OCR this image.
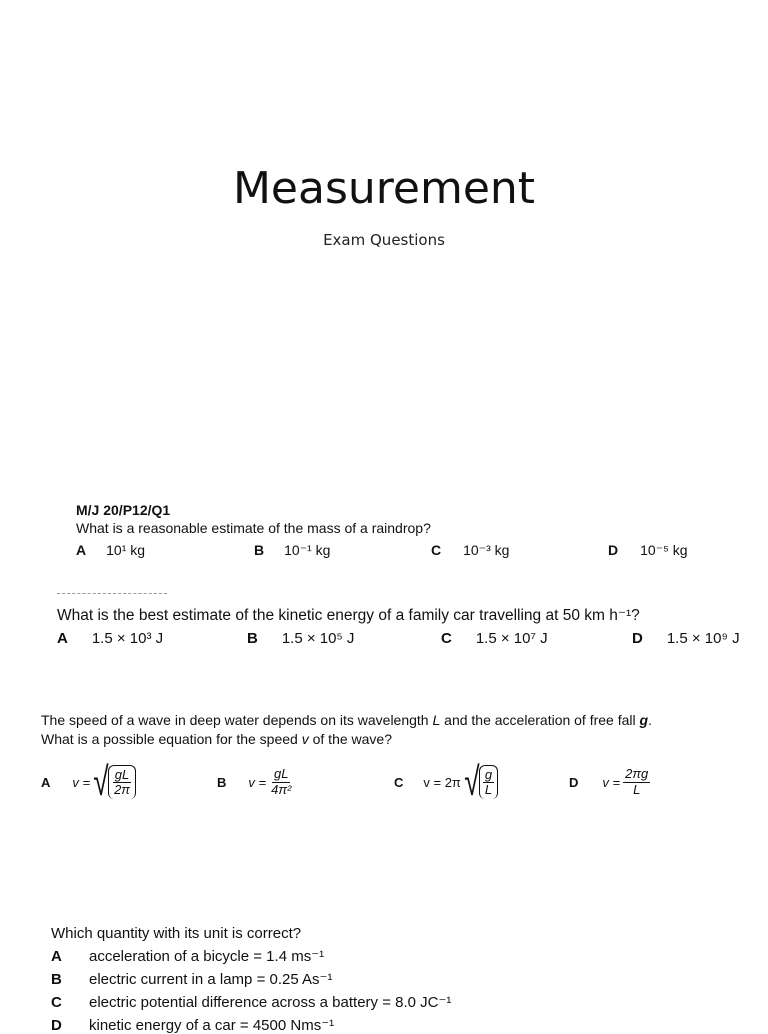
Measurement
Exam Questions
M/J 20/P12/Q1
What is a reasonable estimate of the mass of a raindrop?
A 10¹ kg	B 10⁻¹ kg	C 10⁻³ kg	D 10⁻⁵ kg
What is the best estimate of the kinetic energy of a family car travelling at 50 km h⁻¹?
A 1.5 × 10³ J	B 1.5 × 10⁵ J	C 1.5 × 10⁷ J	D 1.5 × 10⁹ J
The speed of a wave in deep water depends on its wavelength L and the acceleration of free fall g.
What is a possible equation for the speed v of the wave?
A v = √ $\frac{gL}{2\pi}$	B $v = \frac{gL}{\text{4π²}}$	C v = 2π √ $\frac{g}{L}$	D $v = \frac{2\pi g}{L}$
Which quantity with its unit is correct?
A acceleration of a bicycle = 1.4 ms⁻¹
B electric current in a lamp = 0.25 As⁻¹
C electric potential difference across a battery = 8.0 JC⁻¹
D kinetic energy of a car = 4500 Nms⁻¹
